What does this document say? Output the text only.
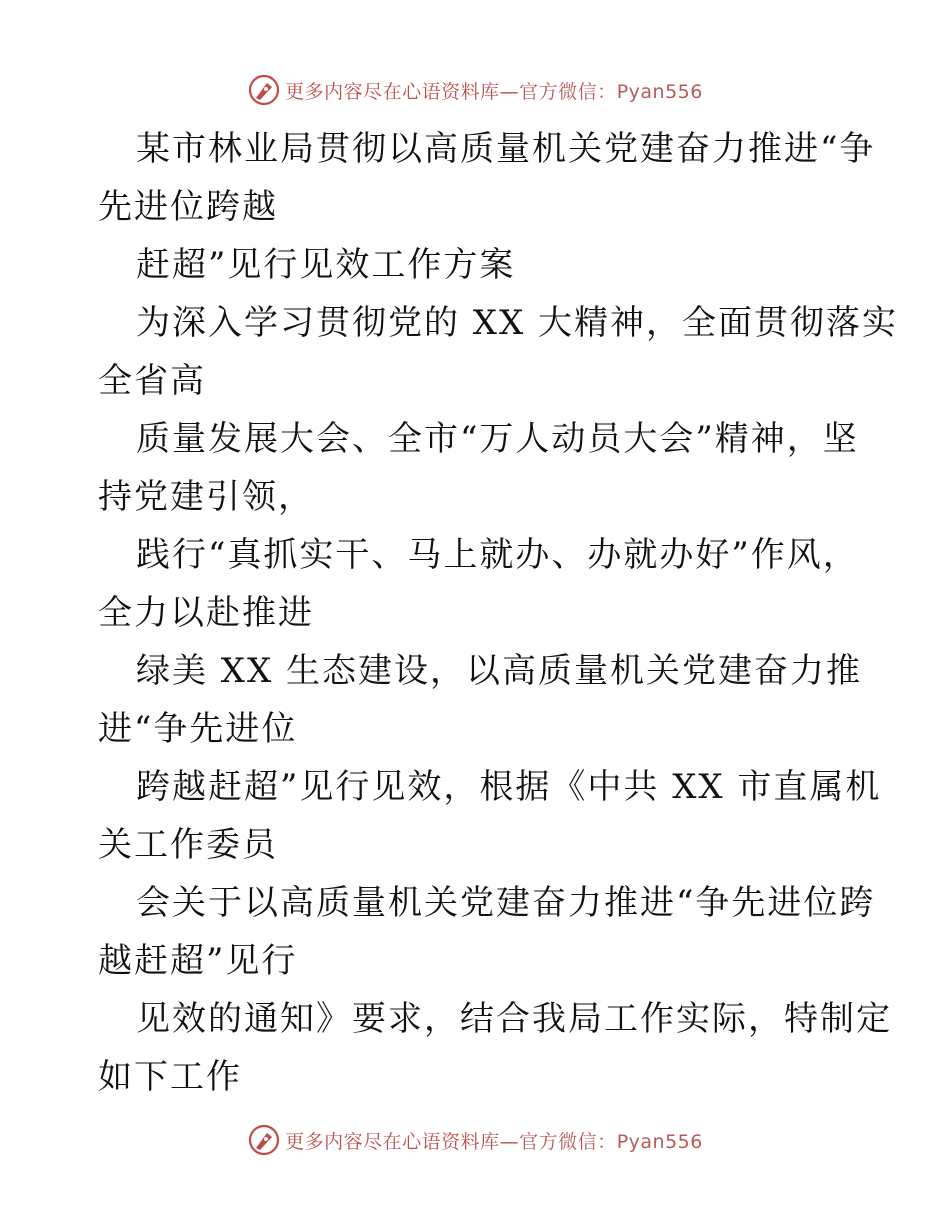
更多内容尽在心语资料库—官方微信：Pyan556
某市林业局贯彻以高质量机关党建奋力推进“争
先进位跨越
赶超”见行见效工作方案
为深入学习贯彻党的 XX 大精神，全面贯彻落实
全省高
质量发展大会、全市“万人动员大会”精神，坚
持党建引领，
践行“真抓实干、马上就办、办就办好”作风，
全力以赴推进
绿美 XX 生态建设，以高质量机关党建奋力推
进“争先进位
跨越赶超”见行见效，根据《中共 XX 市直属机
关工作委员
会关于以高质量机关党建奋力推进“争先进位跨
越赶超”见行
见效的通知》要求，结合我局工作实际，特制定
如下工作
更多内容尽在心语资料库—官方微信：Pyan556
